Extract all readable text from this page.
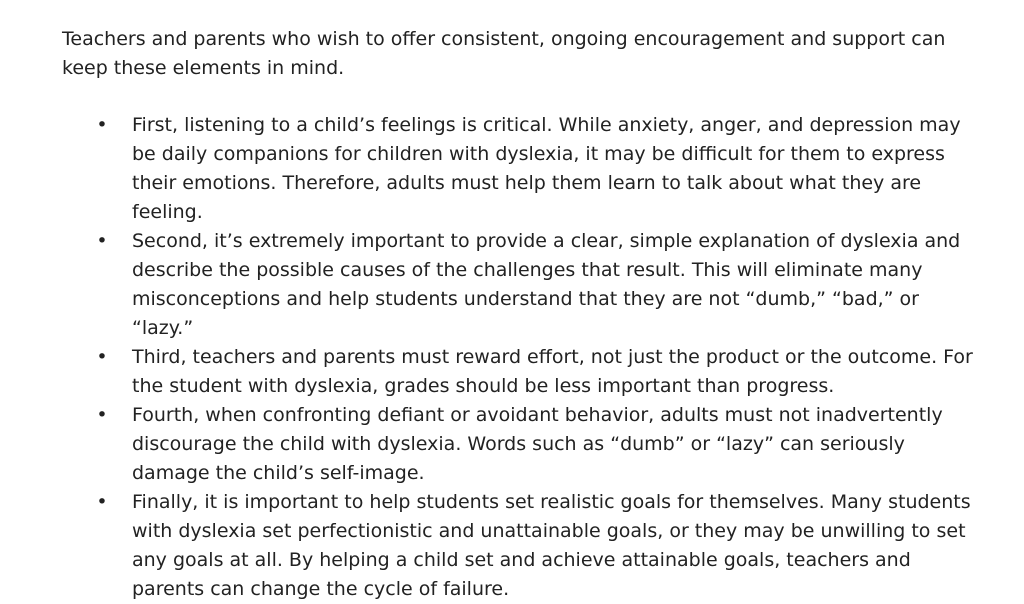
Teachers and parents who wish to offer consistent, ongoing encouragement and support can keep these elements in mind.

• First, listening to a child’s feelings is critical. While anxiety, anger, and depression may be daily companions for children with dyslexia, it may be difficult for them to express their emotions. Therefore, adults must help them learn to talk about what they are feeling.
• Second, it’s extremely important to provide a clear, simple explanation of dyslexia and describe the possible causes of the challenges that result. This will eliminate many misconceptions and help students understand that they are not “dumb,” “bad,” or “lazy.”
• Third, teachers and parents must reward effort, not just the product or the outcome. For the student with dyslexia, grades should be less important than progress.
• Fourth, when confronting defiant or avoidant behavior, adults must not inadvertently discourage the child with dyslexia. Words such as “dumb” or “lazy” can seriously damage the child’s self-image.
• Finally, it is important to help students set realistic goals for themselves. Many students with dyslexia set perfectionistic and unattainable goals, or they may be unwilling to set any goals at all. By helping a child set and achieve attainable goals, teachers and parents can change the cycle of failure.
